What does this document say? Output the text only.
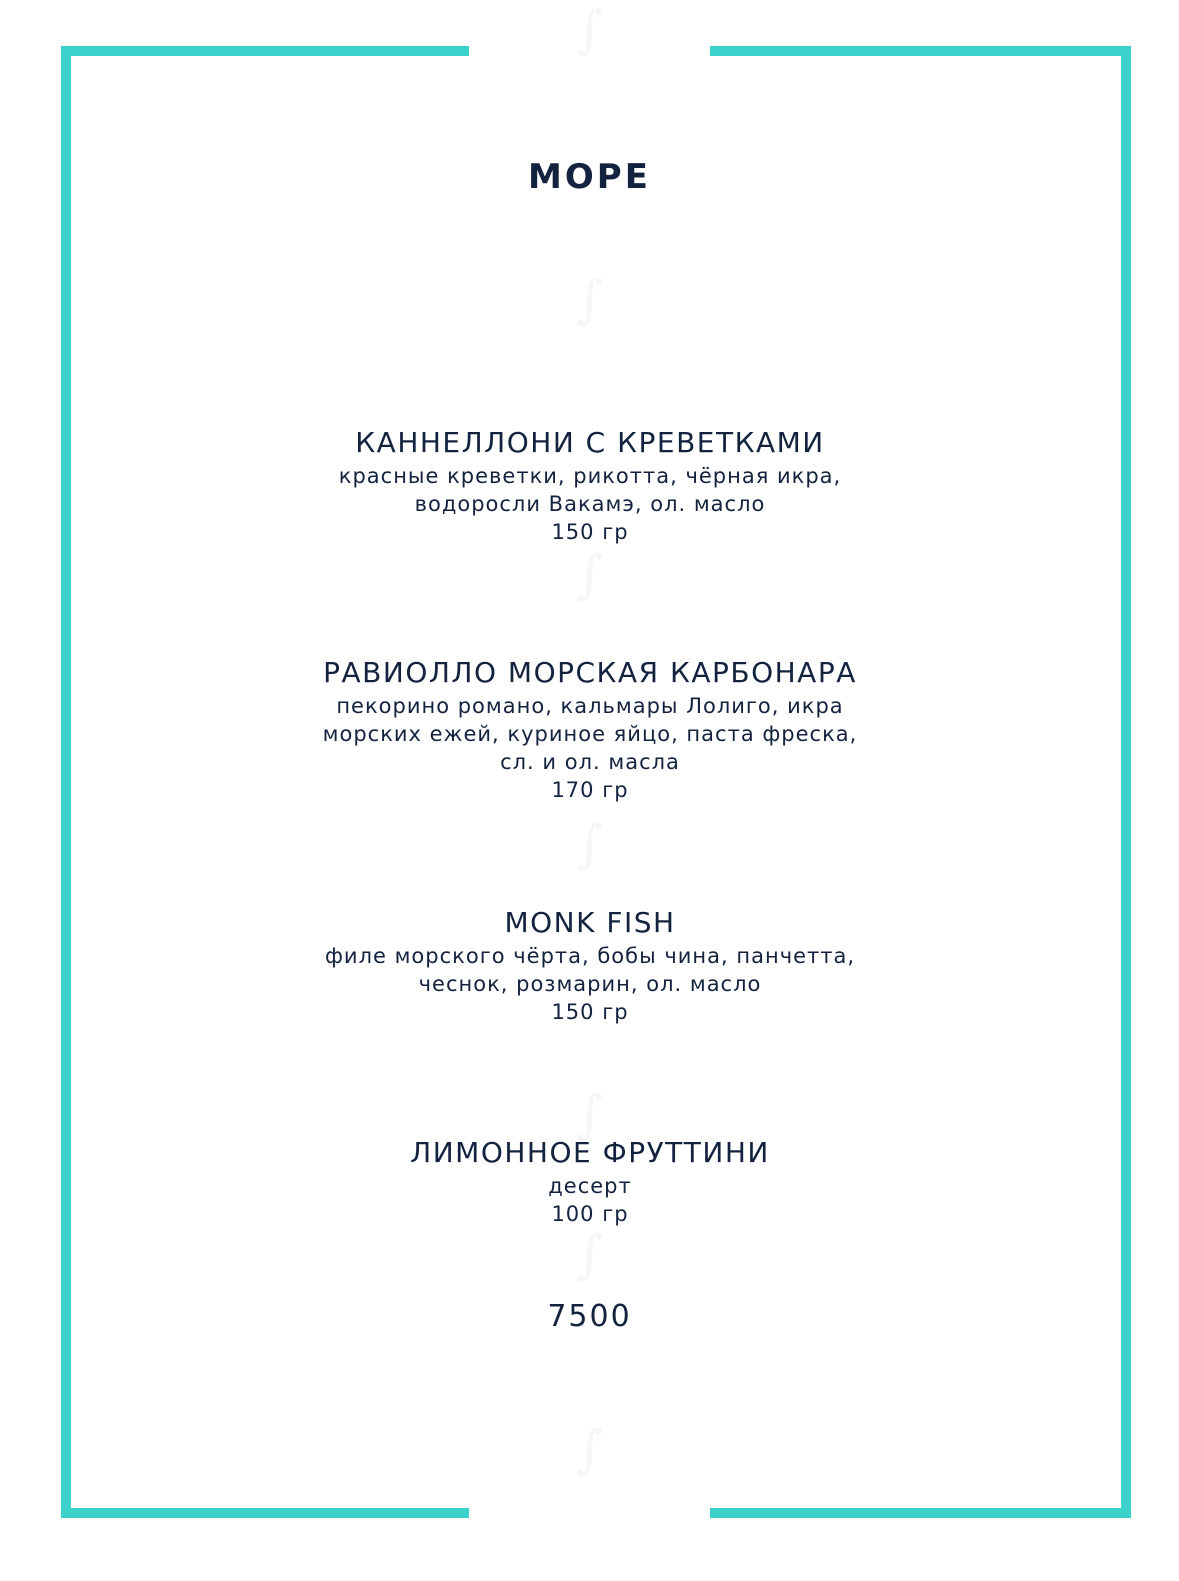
∫
∫
∫
∫
∫
∫
∫
МОРЕ
КАННЕЛЛОНИ С КРЕВЕТКАМИ
красные креветки, рикотта, чёрная икра,
водоросли Вакамэ, ол. масло
150 гр
РАВИОЛЛО МОРСКАЯ КАРБОНАРА
пекорино романо, кальмары Лолиго, икра
морских ежей, куриное яйцо, паста фреска,
сл. и ол. масла
170 гр
MONK FISH
филе морского чёрта, бобы чина, панчетта,
чеснок, розмарин, ол. масло
150 гр
ЛИМОННОЕ ФРУТТИНИ
десерт
100 гр
7500
